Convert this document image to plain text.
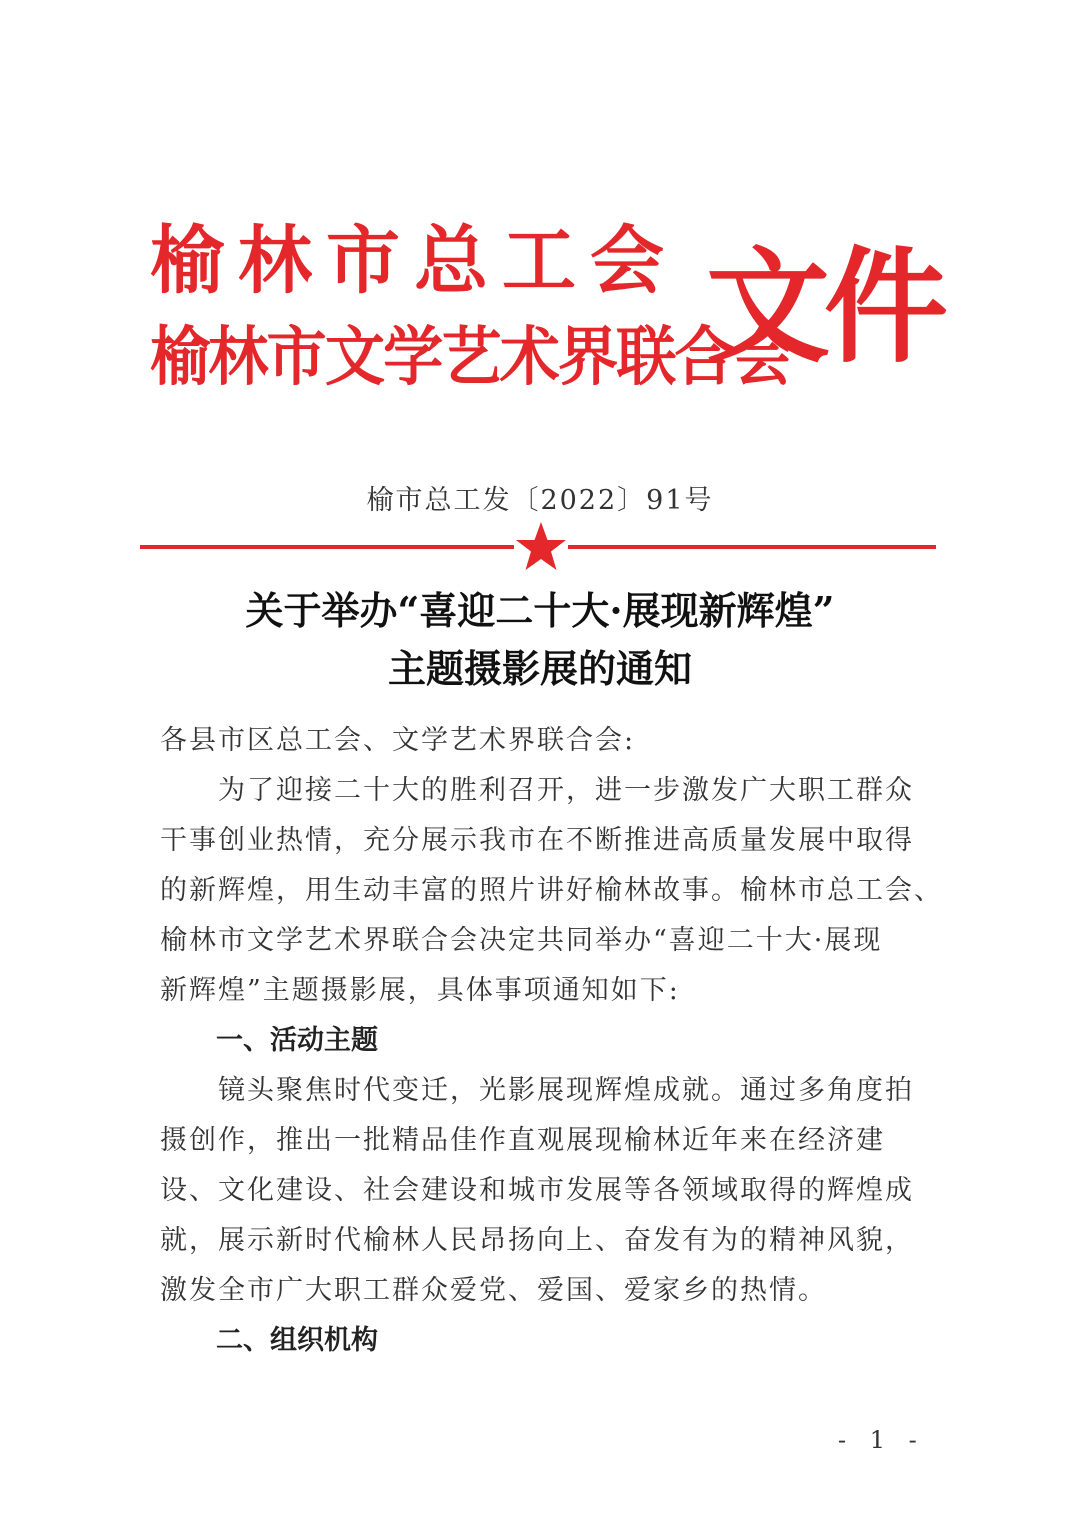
榆林市总工会
榆林市文学艺术界联合会
文件
榆市总工发〔2022〕91号
关于举办“喜迎二十大·展现新辉煌”
主题摄影展的通知
各县市区总工会、文学艺术界联合会:
　　为了迎接二十大的胜利召开，进一步激发广大职工群众
干事创业热情，充分展示我市在不断推进高质量发展中取得
的新辉煌，用生动丰富的照片讲好榆林故事。榆林市总工会、
榆林市文学艺术界联合会决定共同举办“喜迎二十大·展现
新辉煌”主题摄影展，具体事项通知如下:
一、活动主题
　　镜头聚焦时代变迁，光影展现辉煌成就。通过多角度拍
摄创作，推出一批精品佳作直观展现榆林近年来在经济建
设、文化建设、社会建设和城市发展等各领域取得的辉煌成
就，展示新时代榆林人民昂扬向上、奋发有为的精神风貌，
激发全市广大职工群众爱党、爱国、爱家乡的热情。
二、组织机构
- 1 -
